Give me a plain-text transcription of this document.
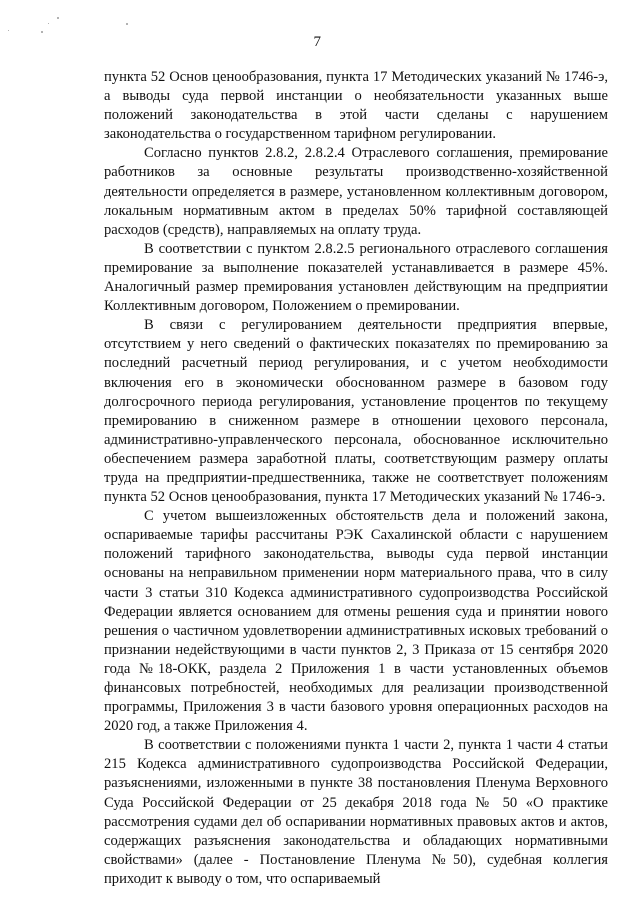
7

пункта 52 Основ ценообразования, пункта 17 Методических указаний № 1746-э, а выводы суда первой инстанции о необязательности указанных выше положений законодательства в этой части сделаны с нарушением законодательства о государственном тарифном регулировании.

Согласно пунктов 2.8.2, 2.8.2.4 Отраслевого соглашения, премирование работников за основные результаты производственно-хозяйственной деятельности определяется в размере, установленном коллективным договором, локальным нормативным актом в пределах 50% тарифной составляющей расходов (средств), направляемых на оплату труда.

В соответствии с пунктом 2.8.2.5 регионального отраслевого соглашения премирование за выполнение показателей устанавливается в размере 45%. Аналогичный размер премирования установлен действующим на предприятии Коллективным договором, Положением о премировании.

В связи с регулированием деятельности предприятия впервые, отсутствием у него сведений о фактических показателях по премированию за последний расчетный период регулирования, и с учетом необходимости включения его в экономически обоснованном размере в базовом году долгосрочного периода регулирования, установление процентов по текущему премированию в сниженном размере в отношении цехового персонала, административно-управленческого персонала, обоснованное исключительно обеспечением размера заработной платы, соответствующим размеру оплаты труда на предприятии-предшественника, также не соответствует положениям пункта 52 Основ ценообразования, пункта 17 Методических указаний № 1746-э.

С учетом вышеизложенных обстоятельств дела и положений закона, оспариваемые тарифы рассчитаны РЭК Сахалинской области с нарушением положений тарифного законодательства, выводы суда первой инстанции основаны на неправильном применении норм материального права, что в силу части 3 статьи 310 Кодекса административного судопроизводства Российской Федерации является основанием для отмены решения суда и принятии нового решения о частичном удовлетворении административных исковых требований о признании недействующими в части пунктов 2, 3 Приказа от 15 сентября 2020 года №18-ОКК, раздела 2 Приложения 1 в части установленных объемов финансовых потребностей, необходимых для реализации производственной программы, Приложения 3 в части базового уровня операционных расходов на 2020 год, а также Приложения 4.

В соответствии с положениями пункта 1 части 2, пункта 1 части 4 статьи 215 Кодекса административного судопроизводства Российской Федерации, разъяснениями, изложенными в пункте 38 постановления Пленума Верховного Суда Российской Федерации от 25 декабря 2018 года № 50 «О практике рассмотрения судами дел об оспаривании нормативных правовых актов и актов, содержащих разъяснения законодательства и обладающих нормативными свойствами» (далее - Постановление Пленума №50), судебная коллегия приходит к выводу о том, что оспариваемый
